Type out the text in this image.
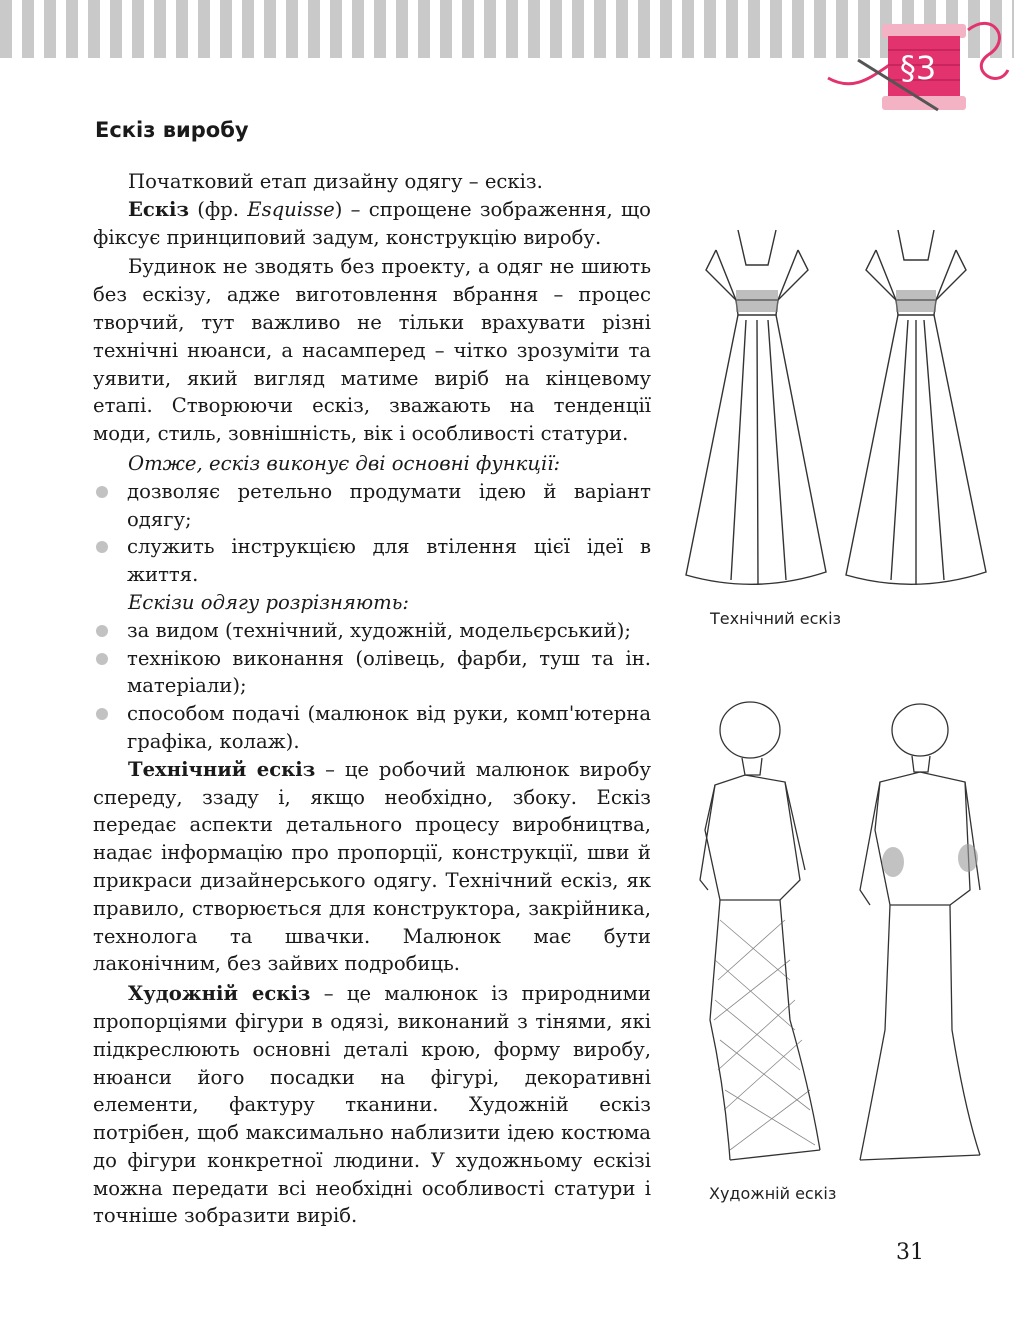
§3
Ескіз виробу

Початковий етап дизайну одягу – ескіз.

Ескіз (фр. Esquisse) – спрощене зображення, що фіксує принциповий задум, конструкцію виробу.

Будинок не зводять без проекту, а одяг не шиють без ескізу, адже виготовлення вбрання – процес творчий, тут важливо не тільки врахувати різні технічні нюанси, а насамперед – чітко зрозуміти та уявити, який вигляд матиме виріб на кінцевому етапі. Створюючи ескіз, зважають на тенденції моди, стиль, зовнішність, вік і особливості статури.

Отже, ескіз виконує дві основні функції:

дозволяє ретельно продумати ідею й варіант одягу;
служить інструкцією для втілення цієї ідеї в життя.

Ескізи одягу розрізняють:

за видом (технічний, художній, модельєрський);
технікою виконання (олівець, фарби, туш та ін. матеріали);
способом подачі (малюнок від руки, комп'ютерна графіка, колаж).

Технічний ескіз – це робочий малюнок виробу спереду, ззаду і, якщо необхідно, збоку. Ескіз передає аспекти детального процесу виробництва, надає інформацію про пропорції, конструкції, шви й прикраси дизайнерського одягу. Технічний ескіз, як правило, створюється для конструктора, закрійника, технолога та швачки. Малюнок має бути лаконічним, без зайвих подробиць.

Художній ескіз – це малюнок із природними пропорціями фігури в одязі, виконаний з тінями, які підкреслюють основні деталі крою, форму виробу, нюанси його посадки на фігурі, декоративні елементи, фактуру тканини. Художній ескіз потрібен, щоб максимально наблизити ідею костюма до фігури конкретної людини. У художньому ескізі можна передати всі необхідні особливості статури і точніше зобразити виріб.

Технічний ескіз
Художній ескіз
31
